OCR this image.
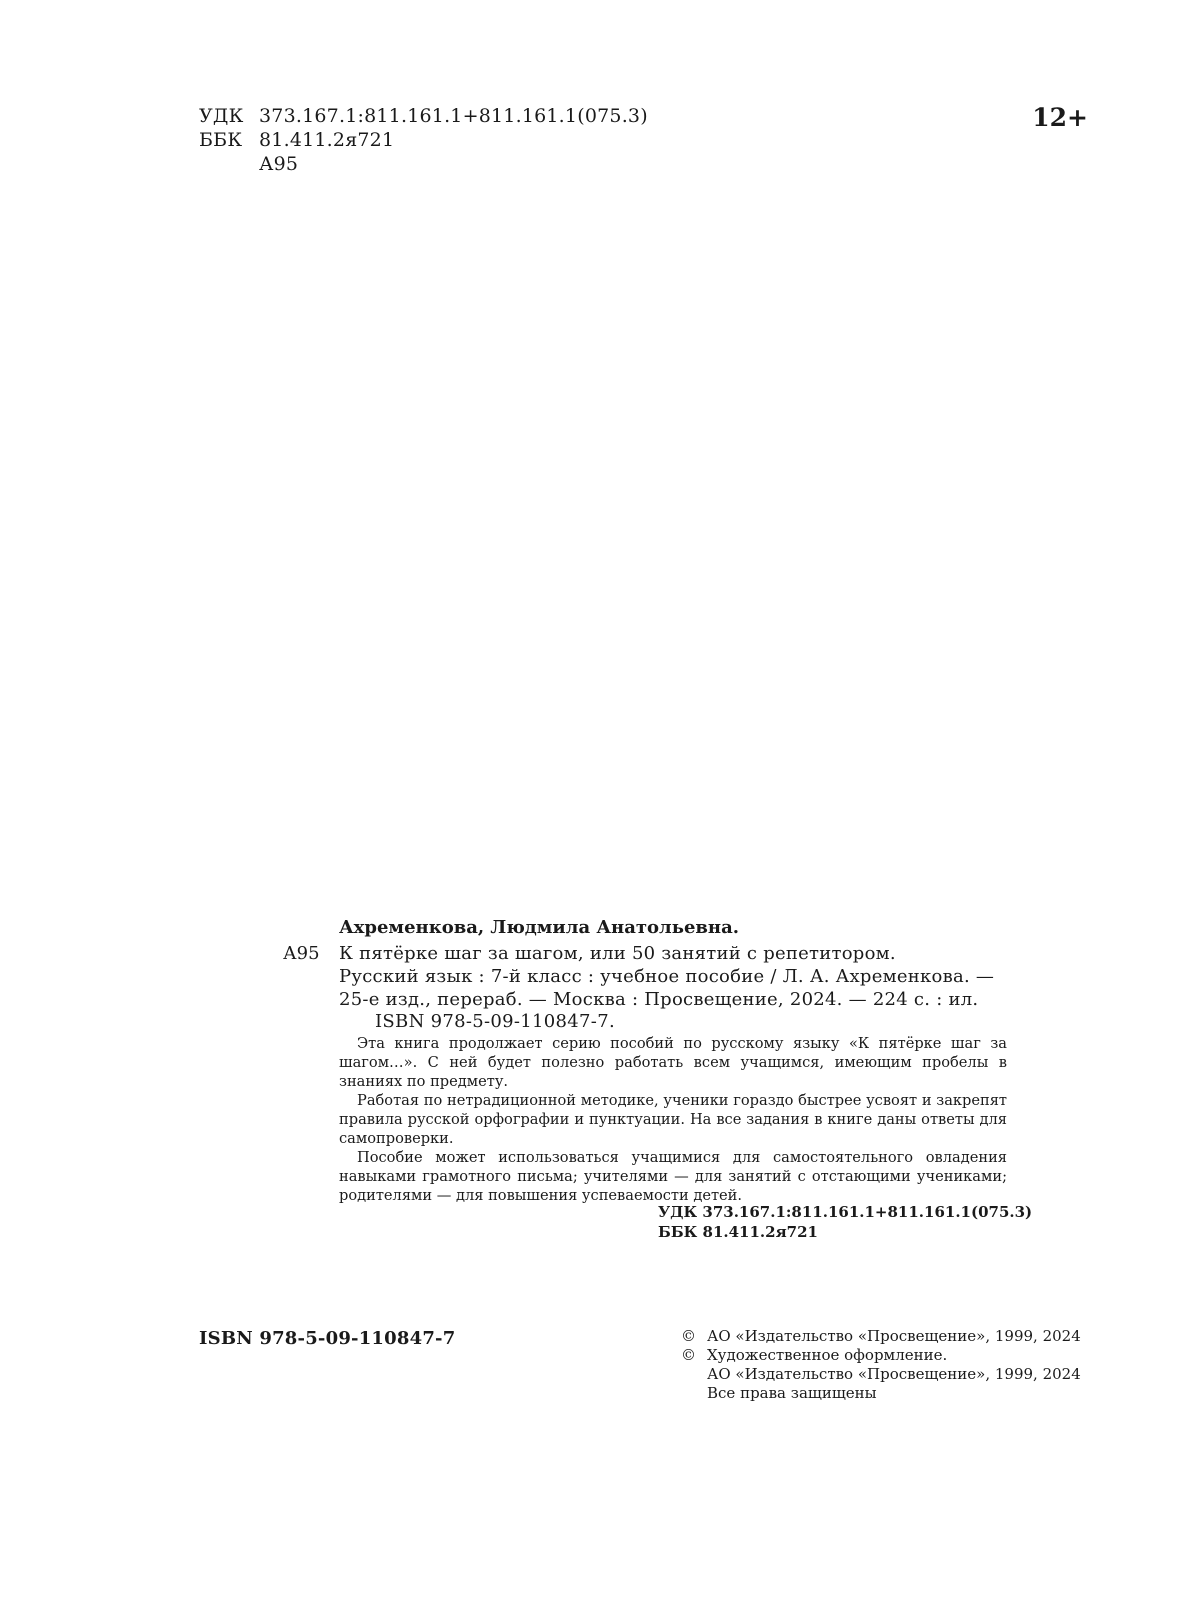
УДК 373.167.1:811.161.1+811.161.1(075.3)
ББК 81.411.2я721
А95
12+
Ахременкова, Людмила Анатольевна.
А95 К пятёрке шаг за шагом, или 50 занятий с репетитором.
Русский язык : 7-й класс : учебное пособие / Л. А. Ахременкова. —
25-е изд., перераб. — Москва : Просвещение, 2024. — 224 с. : ил.
ISBN 978-5-09-110847-7.

Эта книга продолжает серию пособий по русскому языку «К пятёрке шаг за шагом…». С ней будет полезно работать всем учащимся, имеющим пробелы в знаниях по предмету.

Работая по нетрадиционной методике, ученики гораздо быстрее усвоят и закрепят правила русской орфографии и пунктуации. На все задания в книге даны ответы для самопроверки.

Пособие может использоваться учащимися для самостоятельного овладения навыками грамотного письма; учителями — для занятий с отстающими учениками; родителями — для повышения успеваемости детей.

УДК 373.167.1:811.161.1+811.161.1(075.3)
ББК 81.411.2я721
ISBN 978-5-09-110847-7	© АО «Издательство «Просвещение», 1999, 2024
© Художественное оформление.
АО «Издательство «Просвещение», 1999, 2024
Все права защищены
